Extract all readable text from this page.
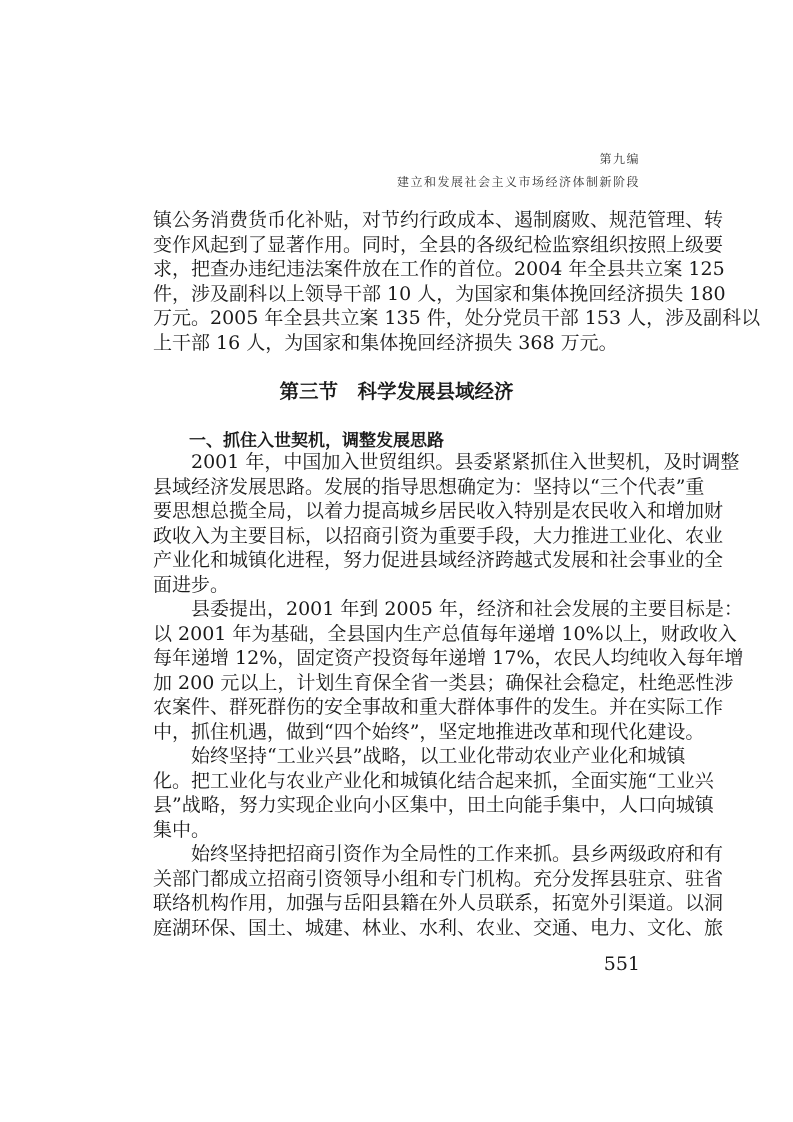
第九编
建立和发展社会主义市场经济体制新阶段
镇公务消费货币化补贴，对节约行政成本、遏制腐败、规范管理、转
变作风起到了显著作用。同时，全县的各级纪检监察组织按照上级要
求，把查办违纪违法案件放在工作的首位。2004 年全县共立案 125
件，涉及副科以上领导干部 10 人，为国家和集体挽回经济损失 180
万元。2005 年全县共立案 135 件，处分党员干部 153 人，涉及副科以
上干部 16 人，为国家和集体挽回经济损失 368 万元。
第三节　科学发展县域经济
一、抓住入世契机，调整发展思路
2001 年，中国加入世贸组织。县委紧紧抓住入世契机，及时调整
县域经济发展思路。发展的指导思想确定为：坚持以“三个代表”重
要思想总揽全局，以着力提高城乡居民收入特别是农民收入和增加财
政收入为主要目标，以招商引资为重要手段，大力推进工业化、农业
产业化和城镇化进程，努力促进县域经济跨越式发展和社会事业的全
面进步。
县委提出，2001 年到 2005 年，经济和社会发展的主要目标是：
以 2001 年为基础，全县国内生产总值每年递增 10%以上，财政收入
每年递增 12%，固定资产投资每年递增 17%，农民人均纯收入每年增
加 200 元以上，计划生育保全省一类县；确保社会稳定，杜绝恶性涉
农案件、群死群伤的安全事故和重大群体事件的发生。并在实际工作
中，抓住机遇，做到“四个始终”，坚定地推进改革和现代化建设。
始终坚持“工业兴县”战略，以工业化带动农业产业化和城镇
化。把工业化与农业产业化和城镇化结合起来抓，全面实施“工业兴
县”战略，努力实现企业向小区集中，田土向能手集中，人口向城镇
集中。
始终坚持把招商引资作为全局性的工作来抓。县乡两级政府和有
关部门都成立招商引资领导小组和专门机构。充分发挥县驻京、驻省
联络机构作用，加强与岳阳县籍在外人员联系，拓宽外引渠道。以洞
庭湖环保、国土、城建、林业、水利、农业、交通、电力、文化、旅
551
